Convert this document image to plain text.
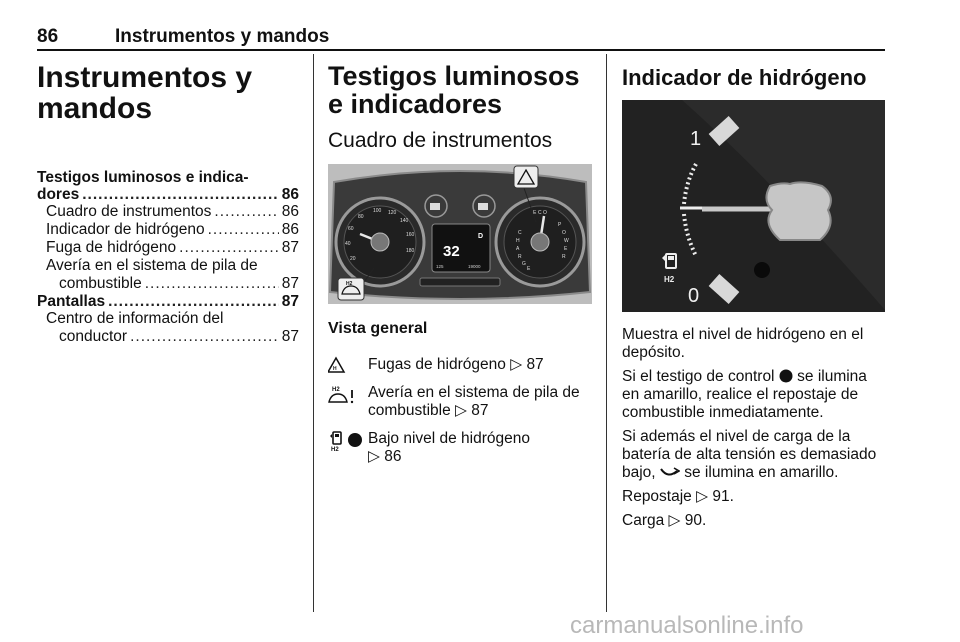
86	Instrumentos y mandos
Instrumentos y mandos
Testigos luminosos e indica-
dores .....	86
Cuadro de instrumentos .....	86
Indicador de hidrógeno .....	86
Fuga de hidrógeno .....	87
Avería en el sistema de pila de
combustible .....	87
Pantallas .....	87
Centro de información del
conductor .....	87
Testigos luminosos e indicadores
Cuadro de instrumentos
20
40
60
80
100 120
140
160
180
C
H
A
R
G
E
E C O
P
O
W
E
R
32
D
125	19000
H2
Vista general
H Fugas de hidrógeno ▷ 87
H2 Avería en el sistema de pila de combustible ▷ 87
H2
Bajo nivel de hidrógeno
▷ 86
Indicador de hidrógeno
1
0
H2

Muestra el nivel de hidrógeno en el depósito.

Si el testigo de control se ilumina en amarillo, realice el repostaje de combustible inmediatamente.

Si además el nivel de carga de la batería de alta tensión es demasiado bajo, se ilumina en amarillo.

Repostaje ▷ 91.

Carga ▷ 90.

carmanualsonline.info
